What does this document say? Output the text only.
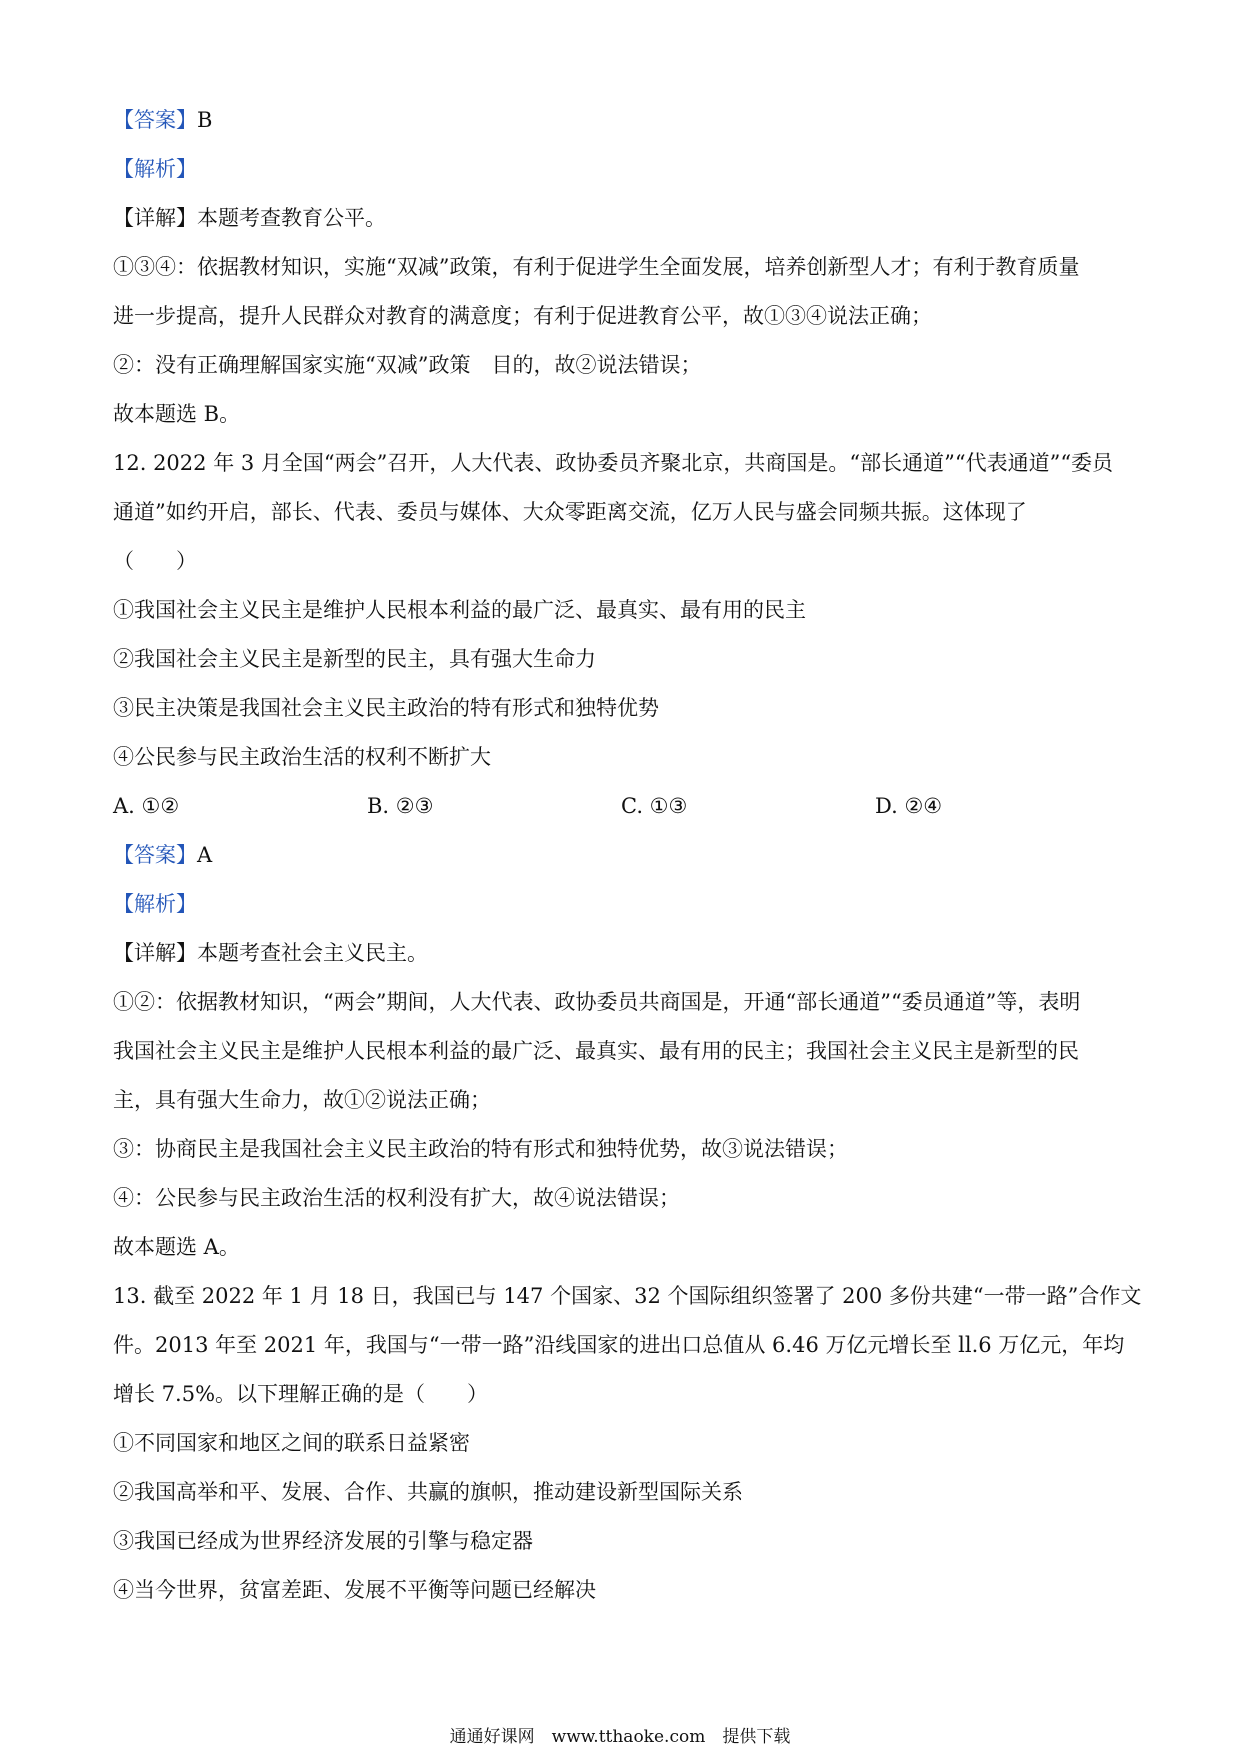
【答案】B
【解析】
【详解】本题考查教育公平。
①③④：依据教材知识，实施“双减”政策，有利于促进学生全面发展，培养创新型人才；有利于教育质量
进一步提高，提升人民群众对教育的满意度；有利于促进教育公平，故①③④说法正确；
②：没有正确理解国家实施“双减”政策　目的，故②说法错误；
故本题选 B。
12. 2022 年 3 月全国“两会”召开，人大代表、政协委员齐聚北京，共商国是。“部长通道”“代表通道”“委员
通道”如约开启，部长、代表、委员与媒体、大众零距离交流，亿万人民与盛会同频共振。这体现了
（　　）
①我国社会主义民主是维护人民根本利益的最广泛、最真实、最有用的民主
②我国社会主义民主是新型的民主，具有强大生命力
③民主决策是我国社会主义民主政治的特有形式和独特优势
④公民参与民主政治生活的权利不断扩大
A. ①②	B. ②③	C. ①③	D. ②④
【答案】A
【解析】
【详解】本题考查社会主义民主。
①②：依据教材知识，“两会”期间，人大代表、政协委员共商国是，开通“部长通道”“委员通道”等，表明
我国社会主义民主是维护人民根本利益的最广泛、最真实、最有用的民主；我国社会主义民主是新型的民
主，具有强大生命力，故①②说法正确；
③：协商民主是我国社会主义民主政治的特有形式和独特优势，故③说法错误；
④：公民参与民主政治生活的权利没有扩大，故④说法错误；
故本题选 A。
13. 截至 2022 年 1 月 18 日，我国已与 147 个国家、32 个国际组织签署了 200 多份共建“一带一路”合作文
件。2013 年至 2021 年，我国与“一带一路”沿线国家的进出口总值从 6.46 万亿元增长至 ll.6 万亿元，年均
增长 7.5%。以下理解正确的是（　　）
①不同国家和地区之间的联系日益紧密
②我国高举和平、发展、合作、共赢的旗帜，推动建设新型国际关系
③我国已经成为世界经济发展的引擎与稳定器
④当今世界，贫富差距、发展不平衡等问题已经解决
通通好课网　www.tthaoke.com　提供下载
